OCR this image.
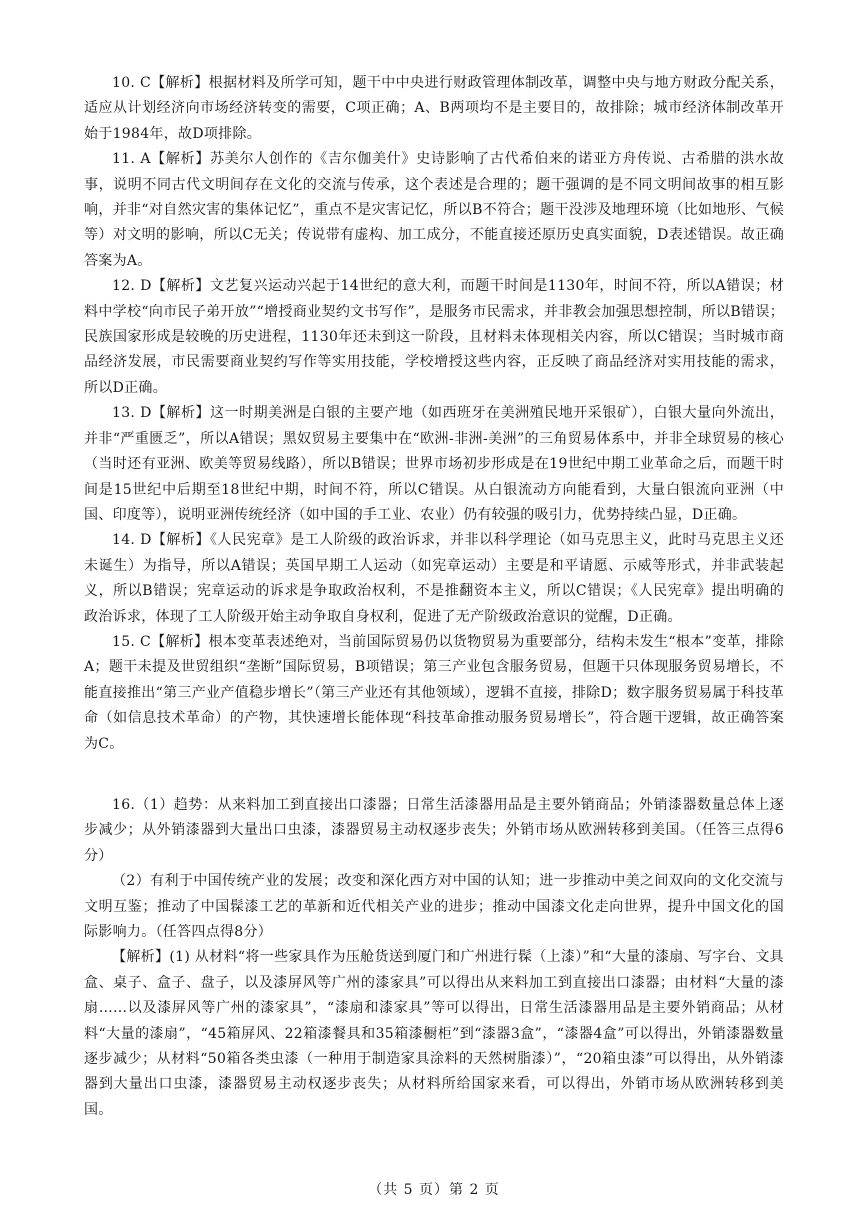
10. C【解析】根据材料及所学可知，题干中中央进行财政管理体制改革，调整中央与地方财政分配关系，适应从计划经济向市场经济转变的需要，C项正确；A、B两项均不是主要目的，故排除；城市经济体制改革开始于1984年，故D项排除。

11. A【解析】苏美尔人创作的《吉尔伽美什》史诗影响了古代希伯来的诺亚方舟传说、古希腊的洪水故事，说明不同古代文明间存在文化的交流与传承，这个表述是合理的；题干强调的是不同文明间故事的相互影响，并非“对自然灾害的集体记忆”，重点不是灾害记忆，所以B不符合；题干没涉及地理环境（比如地形、气候等）对文明的影响，所以C无关；传说带有虚构、加工成分，不能直接还原历史真实面貌，D表述错误。故正确答案为A。

12. D【解析】文艺复兴运动兴起于14世纪的意大利，而题干时间是1130年，时间不符，所以A错误；材料中学校“向市民子弟开放”“增授商业契约文书写作”，是服务市民需求，并非教会加强思想控制，所以B错误；民族国家形成是较晚的历史进程，1130年还未到这一阶段，且材料未体现相关内容，所以C错误；当时城市商品经济发展，市民需要商业契约写作等实用技能，学校增授这些内容，正反映了商品经济对实用技能的需求，所以D正确。

13. D【解析】这一时期美洲是白银的主要产地（如西班牙在美洲殖民地开采银矿），白银大量向外流出，并非“严重匮乏”，所以A错误；黑奴贸易主要集中在“欧洲-非洲-美洲”的三角贸易体系中，并非全球贸易的核心（当时还有亚洲、欧美等贸易线路），所以B错误；世界市场初步形成是在19世纪中期工业革命之后，而题干时间是15世纪中后期至18世纪中期，时间不符，所以C错误。从白银流动方向能看到，大量白银流向亚洲（中国、印度等），说明亚洲传统经济（如中国的手工业、农业）仍有较强的吸引力，优势持续凸显，D正确。

14. D【解析】《人民宪章》是工人阶级的政治诉求，并非以科学理论（如马克思主义，此时马克思主义还未诞生）为指导，所以A错误；英国早期工人运动（如宪章运动）主要是和平请愿、示威等形式，并非武装起义，所以B错误；宪章运动的诉求是争取政治权利，不是推翻资本主义，所以C错误；《人民宪章》提出明确的政治诉求，体现了工人阶级开始主动争取自身权利，促进了无产阶级政治意识的觉醒，D正确。

15. C【解析】根本变革表述绝对，当前国际贸易仍以货物贸易为重要部分，结构未发生“根本”变革，排除A；题干未提及世贸组织“垄断”国际贸易，B项错误；第三产业包含服务贸易，但题干只体现服务贸易增长，不能直接推出“第三产业产值稳步增长”（第三产业还有其他领域），逻辑不直接，排除D；数字服务贸易属于科技革命（如信息技术革命）的产物，其快速增长能体现“科技革命推动服务贸易增长”，符合题干逻辑，故正确答案为C。

16.（1）趋势：从来料加工到直接出口漆器；日常生活漆器用品是主要外销商品；外销漆器数量总体上逐步减少；从外销漆器到大量出口虫漆，漆器贸易主动权逐步丧失；外销市场从欧洲转移到美国。（任答三点得6分）

（2）有利于中国传统产业的发展；改变和深化西方对中国的认知；进一步推动中美之间双向的文化交流与文明互鉴；推动了中国髹漆工艺的革新和近代相关产业的进步；推动中国漆文化走向世界，提升中国文化的国际影响力。（任答四点得8分）

【解析】(1) 从材料“将一些家具作为压舱货送到厦门和广州进行髹（上漆）”和“大量的漆扇、写字台、文具盒、桌子、盒子、盘子，以及漆屏风等广州的漆家具”可以得出从来料加工到直接出口漆器；由材料“大量的漆扇……以及漆屏风等广州的漆家具”，“漆扇和漆家具”等可以得出，日常生活漆器用品是主要外销商品；从材料“大量的漆扇”，“45箱屏风、22箱漆餐具和35箱漆橱柜”到“漆器3盒”，“漆器4盒”可以得出，外销漆器数量逐步减少；从材料“50箱各类虫漆（一种用于制造家具涂料的天然树脂漆）”，“20箱虫漆”可以得出，从外销漆器到大量出口虫漆，漆器贸易主动权逐步丧失；从材料所给国家来看，可以得出，外销市场从欧洲转移到美国。

（共 5 页）第 2 页
